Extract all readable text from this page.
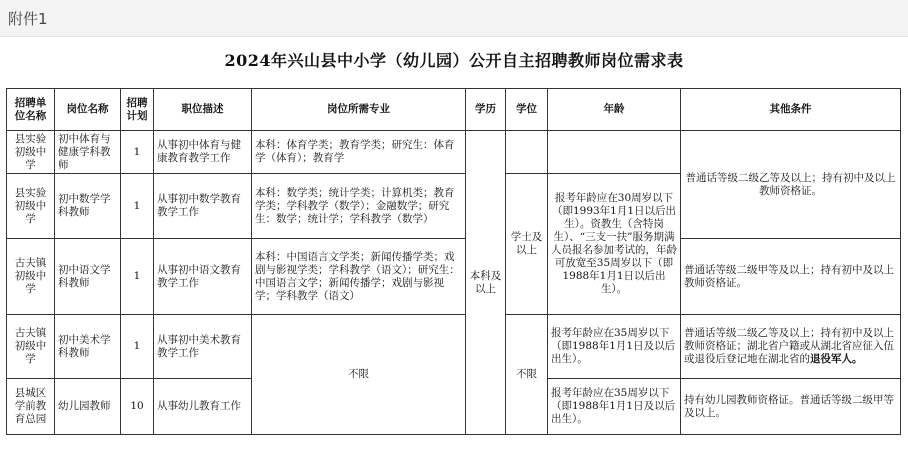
附件1
2024年兴山县中小学（幼儿园）公开自主招聘教师岗位需求表
招聘单位名称	岗位名称	招聘计划	职位描述	岗位所需专业	学历	学位	年龄	其他条件
县实验初级中学	初中体育与健康学科教师	1	从事初中体育与健康教育教学工作	本科：体育学类；教育学类；研究生：体育学（体育）；教育学	本科及以上			普通话等级二级乙等及以上；持有初中及以上教师资格证。
县实验初级中学	初中数学学科教师	1	从事初中数学教育教学工作	本科：数学类；统计学类；计算机类；教育学类；学科教学（数学）；金融数学；研究生：数学；统计学；学科教学（数学）		学士及以上	报考年龄应在30周岁以下（即1993年1月1日以后出生）。资教生（含特岗生）、“三支一扶”服务期满人员报名参加考试的，年龄可放宽至35周岁以下（即1988年1月1日以后出生）。	
古夫镇初级中学	初中语文学科教师	1	从事初中语文教育教学工作	本科：中国语言文学类；新闻传播学类；戏剧与影视学类；学科教学（语文）；研究生：中国语言文学；新闻传播学；戏剧与影视学；学科教学（语文）				普通话等级二级甲等及以上；持有初中及以上教师资格证。
古夫镇初级中学	初中美术学科教师	1	从事初中美术教育教学工作	不限		不限	报考年龄应在35周岁以下（即1988年1月1日及以后出生）。	普通话等级二级乙等及以上；持有初中及以上教师资格证；湖北省户籍或从湖北省应征入伍或退役后登记地在湖北省的退役军人。
县城区学前教育总园	幼儿园教师	10	从事幼儿教育工作				报考年龄应在35周岁以下（即1988年1月1日及以后出生）。	持有幼儿园教师资格证。普通话等级二级甲等及以上。
